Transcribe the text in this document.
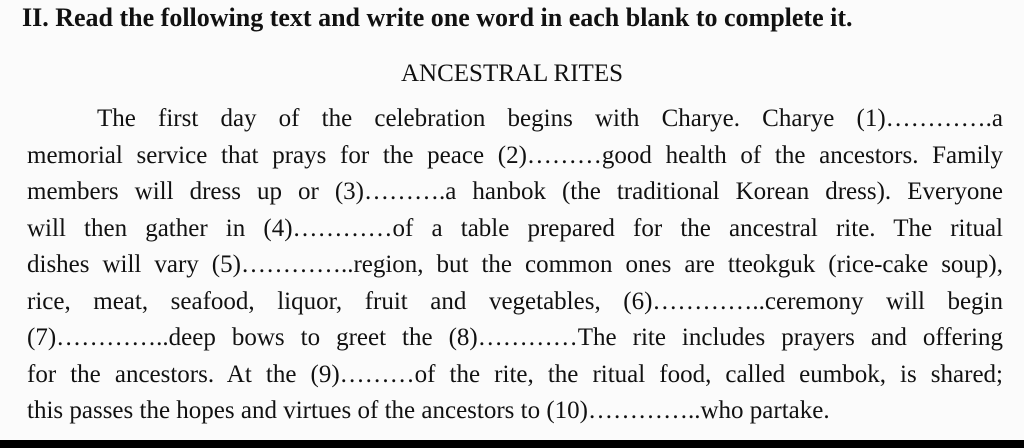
II. Read the following text and write one word in each blank to complete it.
ANCESTRAL RITES
The first day of the celebration begins with Charye. Charye (1)………….a
memorial service that prays for the peace (2)………good health of the ancestors. Family
members will dress up or (3)……….a hanbok (the traditional Korean dress). Everyone
will then gather in (4)…………of a table prepared for the ancestral rite. The ritual
dishes will vary (5)…………..region, but the common ones are tteokguk (rice-cake soup),
rice, meat, seafood, liquor, fruit and vegetables, (6)…………..ceremony will begin
(7)…………..deep bows to greet the (8)…………The rite includes prayers and offering
for the ancestors. At the (9)………of the rite, the ritual food, called eumbok, is shared;
this passes the hopes and virtues of the ancestors to (10)…………..who partake.
